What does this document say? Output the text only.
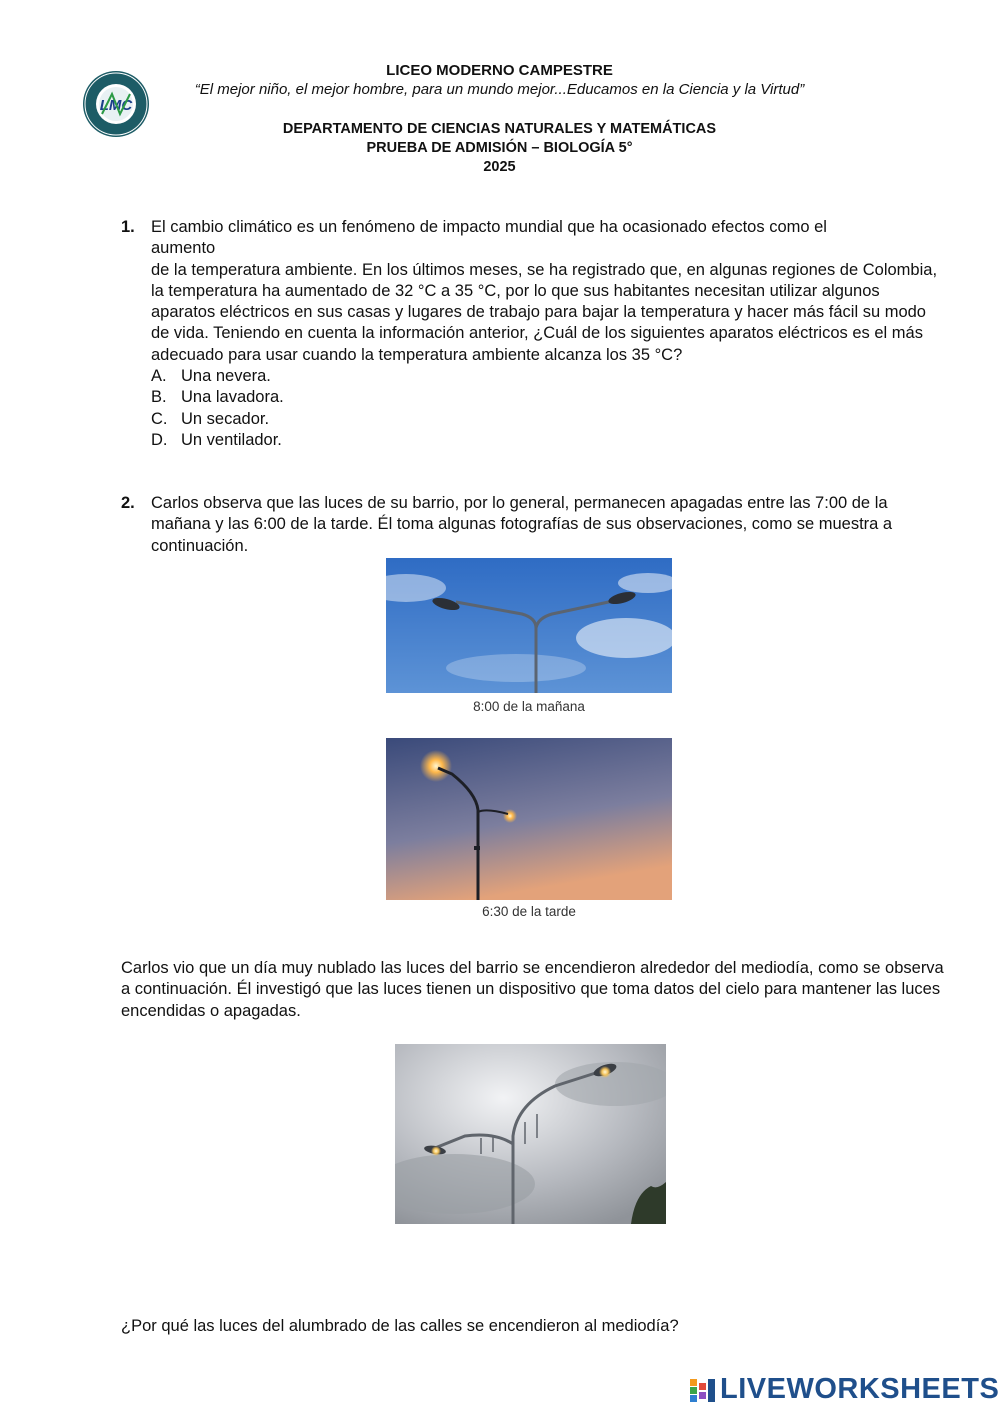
LMC
LICEO MODERNO CAMPESTRE
“El mejor niño, el mejor hombre, para un mundo mejor...Educamos en la Ciencia y la Virtud”
DEPARTAMENTO DE CIENCIAS NATURALES Y MATEMÁTICAS
PRUEBA DE ADMISIÓN – BIOLOGÍA 5°
2025
1. El cambio climático es un fenómeno de impacto mundial que ha ocasionado efectos como el
aumento
de la temperatura ambiente. En los últimos meses, se ha registrado que, en algunas regiones de Colombia, la temperatura ha aumentado de 32 °C a 35 °C, por lo que sus habitantes necesitan utilizar algunos aparatos eléctricos en sus casas y lugares de trabajo para bajar la temperatura y hacer más fácil su modo de vida. Teniendo en cuenta la información anterior, ¿Cuál de los siguientes aparatos eléctricos es el más adecuado para usar cuando la temperatura ambiente alcanza los 35 °C?
A. Una nevera.
B. Una lavadora.
C. Un secador.
D. Un ventilador.
2. Carlos observa que las luces de su barrio, por lo general, permanecen apagadas entre las 7:00 de la mañana y las 6:00 de la tarde. Él toma algunas fotografías de sus observaciones, como se muestra a continuación.
8:00 de la mañana
6:30 de la tarde
Carlos vio que un día muy nublado las luces del barrio se encendieron alrededor del mediodía, como se observa a continuación. Él investigó que las luces tienen un dispositivo que toma datos del cielo para mantener las luces encendidas o apagadas.
¿Por qué las luces del alumbrado de las calles se encendieron al mediodía?
LIVEWORKSHEETS
